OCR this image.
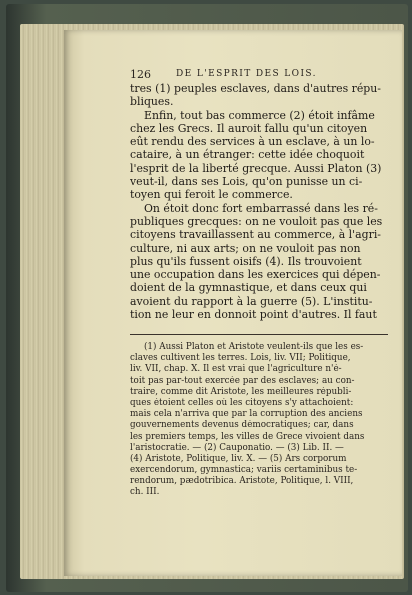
126	DE L'ESPRIT DES LOIS.
tres (1) peuples esclaves, dans d'autres répu-
bliques.
Enfin, tout bas commerce (2) étoit infâme
chez les Grecs. Il auroit fallu qu'un citoyen
eût rendu des services à un esclave, à un lo-
cataire, à un étranger: cette idée choquoit
l'esprit de la liberté grecque. Aussi Platon (3)
veut-il, dans ses Lois, qu'on punisse un ci-
toyen qui feroit le commerce.
On étoit donc fort embarrassé dans les ré-
publiques grecques: on ne vouloit pas que les
citoyens travaillassent au commerce, à l'agri-
culture, ni aux arts; on ne vouloit pas non
plus qu'ils fussent oisifs (4). Ils trouvoient
une occupation dans les exercices qui dépen-
doient de la gymnastique, et dans ceux qui
avoient du rapport à la guerre (5). L'institu-
tion ne leur en donnoit point d'autres. Il faut
(1) Aussi Platon et Aristote veulent-ils que les es-
claves cultivent les terres. Lois, liv. VII; Politique,
liv. VII, chap. X. Il est vrai que l'agriculture n'é-
toit pas par-tout exercée par des esclaves; au con-
traire, comme dit Aristote, les meilleures républi-
ques étoient celles où les citoyens s'y attachoient:
mais cela n'arriva que par la corruption des anciens
gouvernements devenus démocratiques; car, dans
les premiers temps, les villes de Grece vivoient dans
l'aristocratie. — (2) Cauponatio. — (3) Lib. II. —
(4) Aristote, Politique, liv. X. — (5) Ars corporum
exercendorum, gymnastica; variis certaminibus te-
rendorum, pædotribica. Aristote, Politique, l. VIII,
ch. III.
